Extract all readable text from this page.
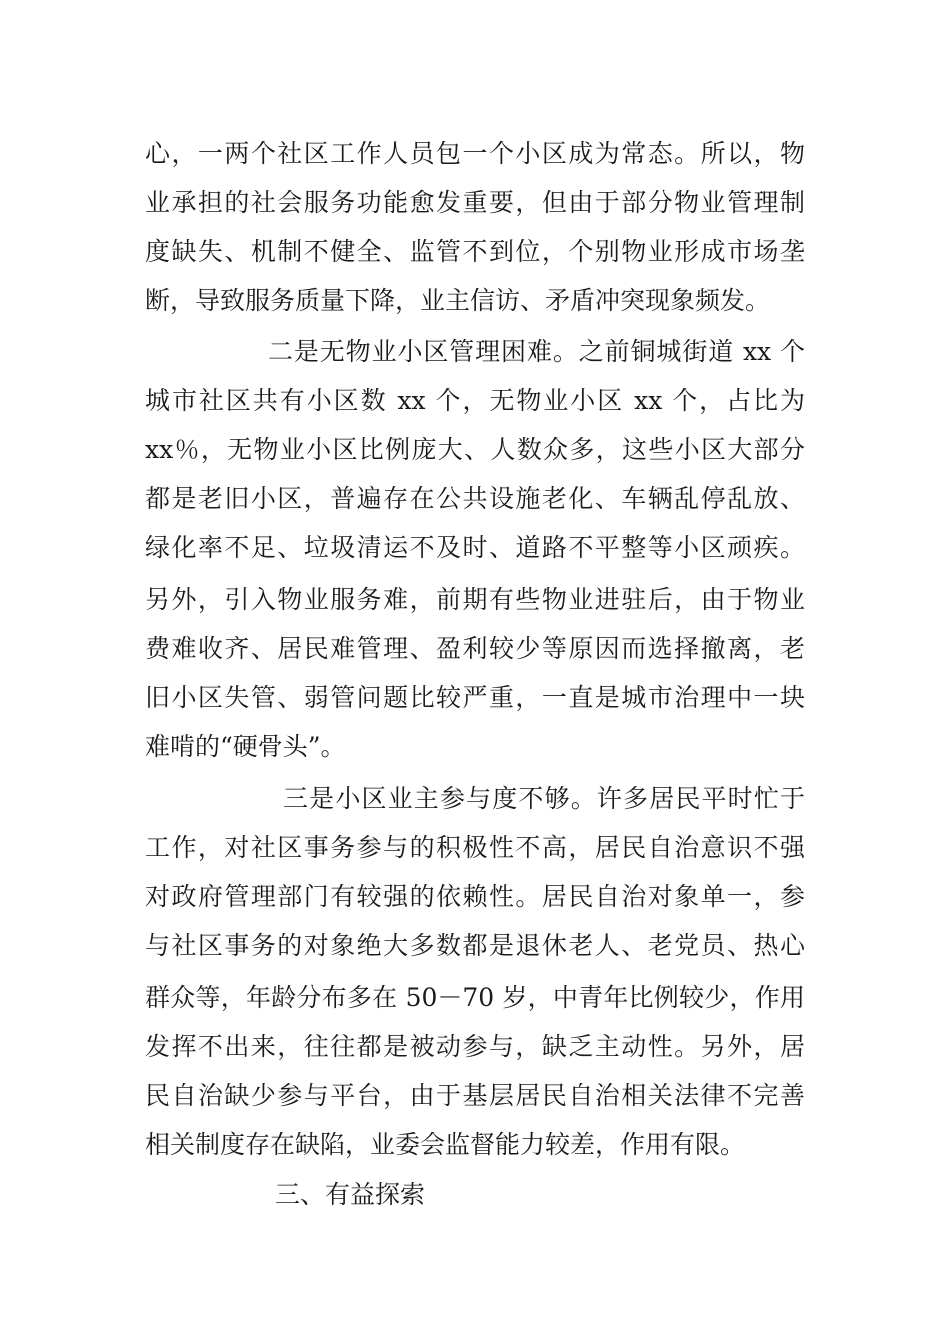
心，一两个社区工作人员包一个小区成为常态。所以，物

业承担的社会服务功能愈发重要，但由于部分物业管理制

度缺失、机制不健全、监管不到位，个别物业形成市场垄

断，导致服务质量下降，业主信访、矛盾冲突现象频发。

二是无物业小区管理困难。之前铜城街道 xx 个

城市社区共有小区数 xx 个，无物业小区 xx 个，占比为

xx％，无物业小区比例庞大、人数众多，这些小区大部分

都是老旧小区，普遍存在公共设施老化、车辆乱停乱放、

绿化率不足、垃圾清运不及时、道路不平整等小区顽疾。

另外，引入物业服务难，前期有些物业进驻后，由于物业

费难收齐、居民难管理、盈利较少等原因而选择撤离，老

旧小区失管、弱管问题比较严重，一直是城市治理中一块

难啃的“硬骨头”。

三是小区业主参与度不够。许多居民平时忙于

工作，对社区事务参与的积极性不高，居民自治意识不强

对政府管理部门有较强的依赖性。居民自治对象单一，参

与社区事务的对象绝大多数都是退休老人、老党员、热心

群众等，年龄分布多在 50－70 岁，中青年比例较少，作用

发挥不出来，往往都是被动参与，缺乏主动性。另外，居

民自治缺少参与平台，由于基层居民自治相关法律不完善

相关制度存在缺陷，业委会监督能力较差，作用有限。

三、有益探索
